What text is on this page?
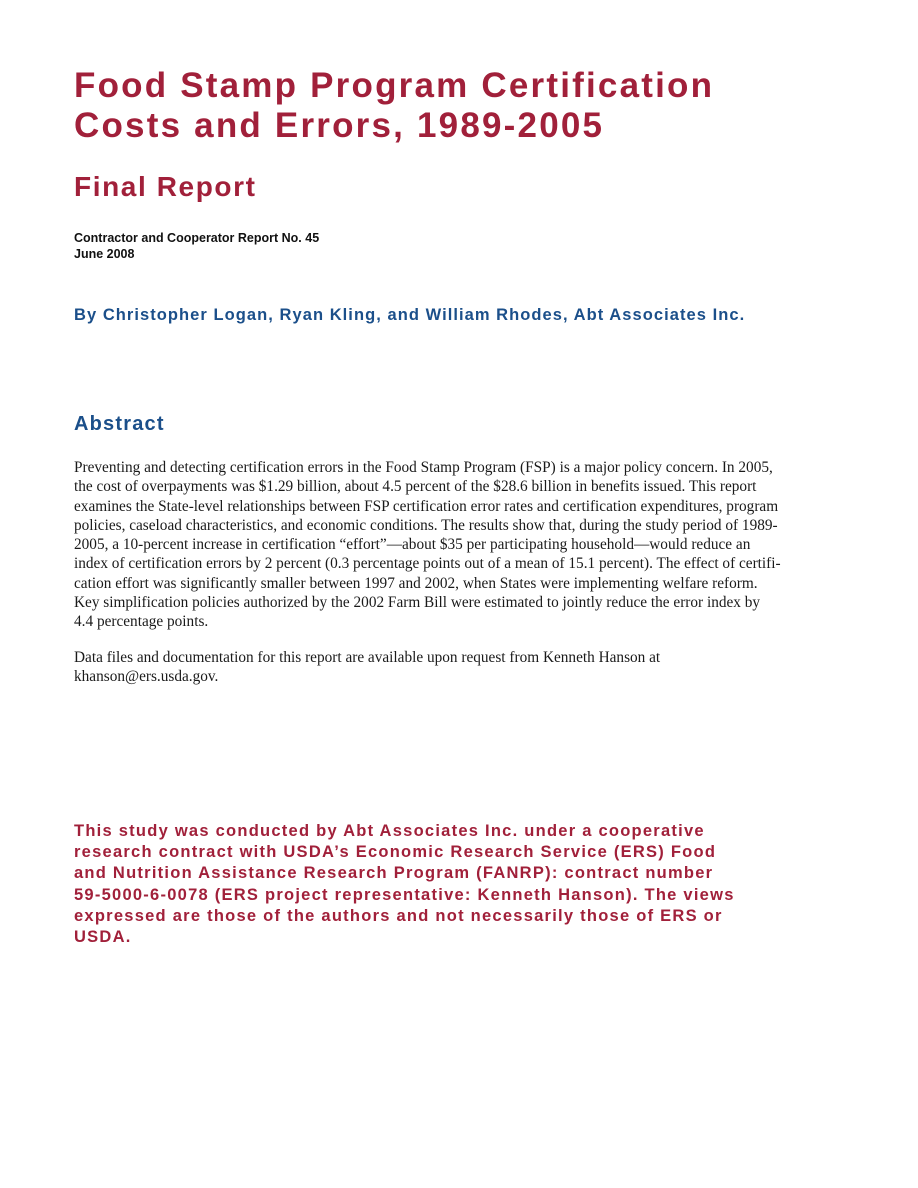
Food Stamp Program Certification
Costs and Errors, 1989-2005
Final Report
Contractor and Cooperator Report No. 45
June 2008
By Christopher Logan, Ryan Kling, and William Rhodes, Abt Associates Inc.
Abstract

Preventing and detecting certification errors in the Food Stamp Program (FSP) is a major policy concern. In 2005,
the cost of overpayments was $1.29 billion, about 4.5 percent of the $28.6 billion in benefits issued. This report
examines the State-level relationships between FSP certification error rates and certification expenditures, program
policies, caseload characteristics, and economic conditions. The results show that, during the study period of 1989-
2005, a 10-percent increase in certification “effort”—about $35 per participating household—would reduce an
index of certification errors by 2 percent (0.3 percentage points out of a mean of 15.1 percent). The effect of certifi-
cation effort was significantly smaller between 1997 and 2002, when States were implementing welfare reform.
Key simplification policies authorized by the 2002 Farm Bill were estimated to jointly reduce the error index by
4.4 percentage points.

Data files and documentation for this report are available upon request from Kenneth Hanson at
khanson@ers.usda.gov.

This study was conducted by Abt Associates Inc. under a cooperative
research contract with USDA’s Economic Research Service (ERS) Food
and Nutrition Assistance Research Program (FANRP): contract number
59-5000-6-0078 (ERS project representative: Kenneth Hanson). The views
expressed are those of the authors and not necessarily those of ERS or
USDA.
